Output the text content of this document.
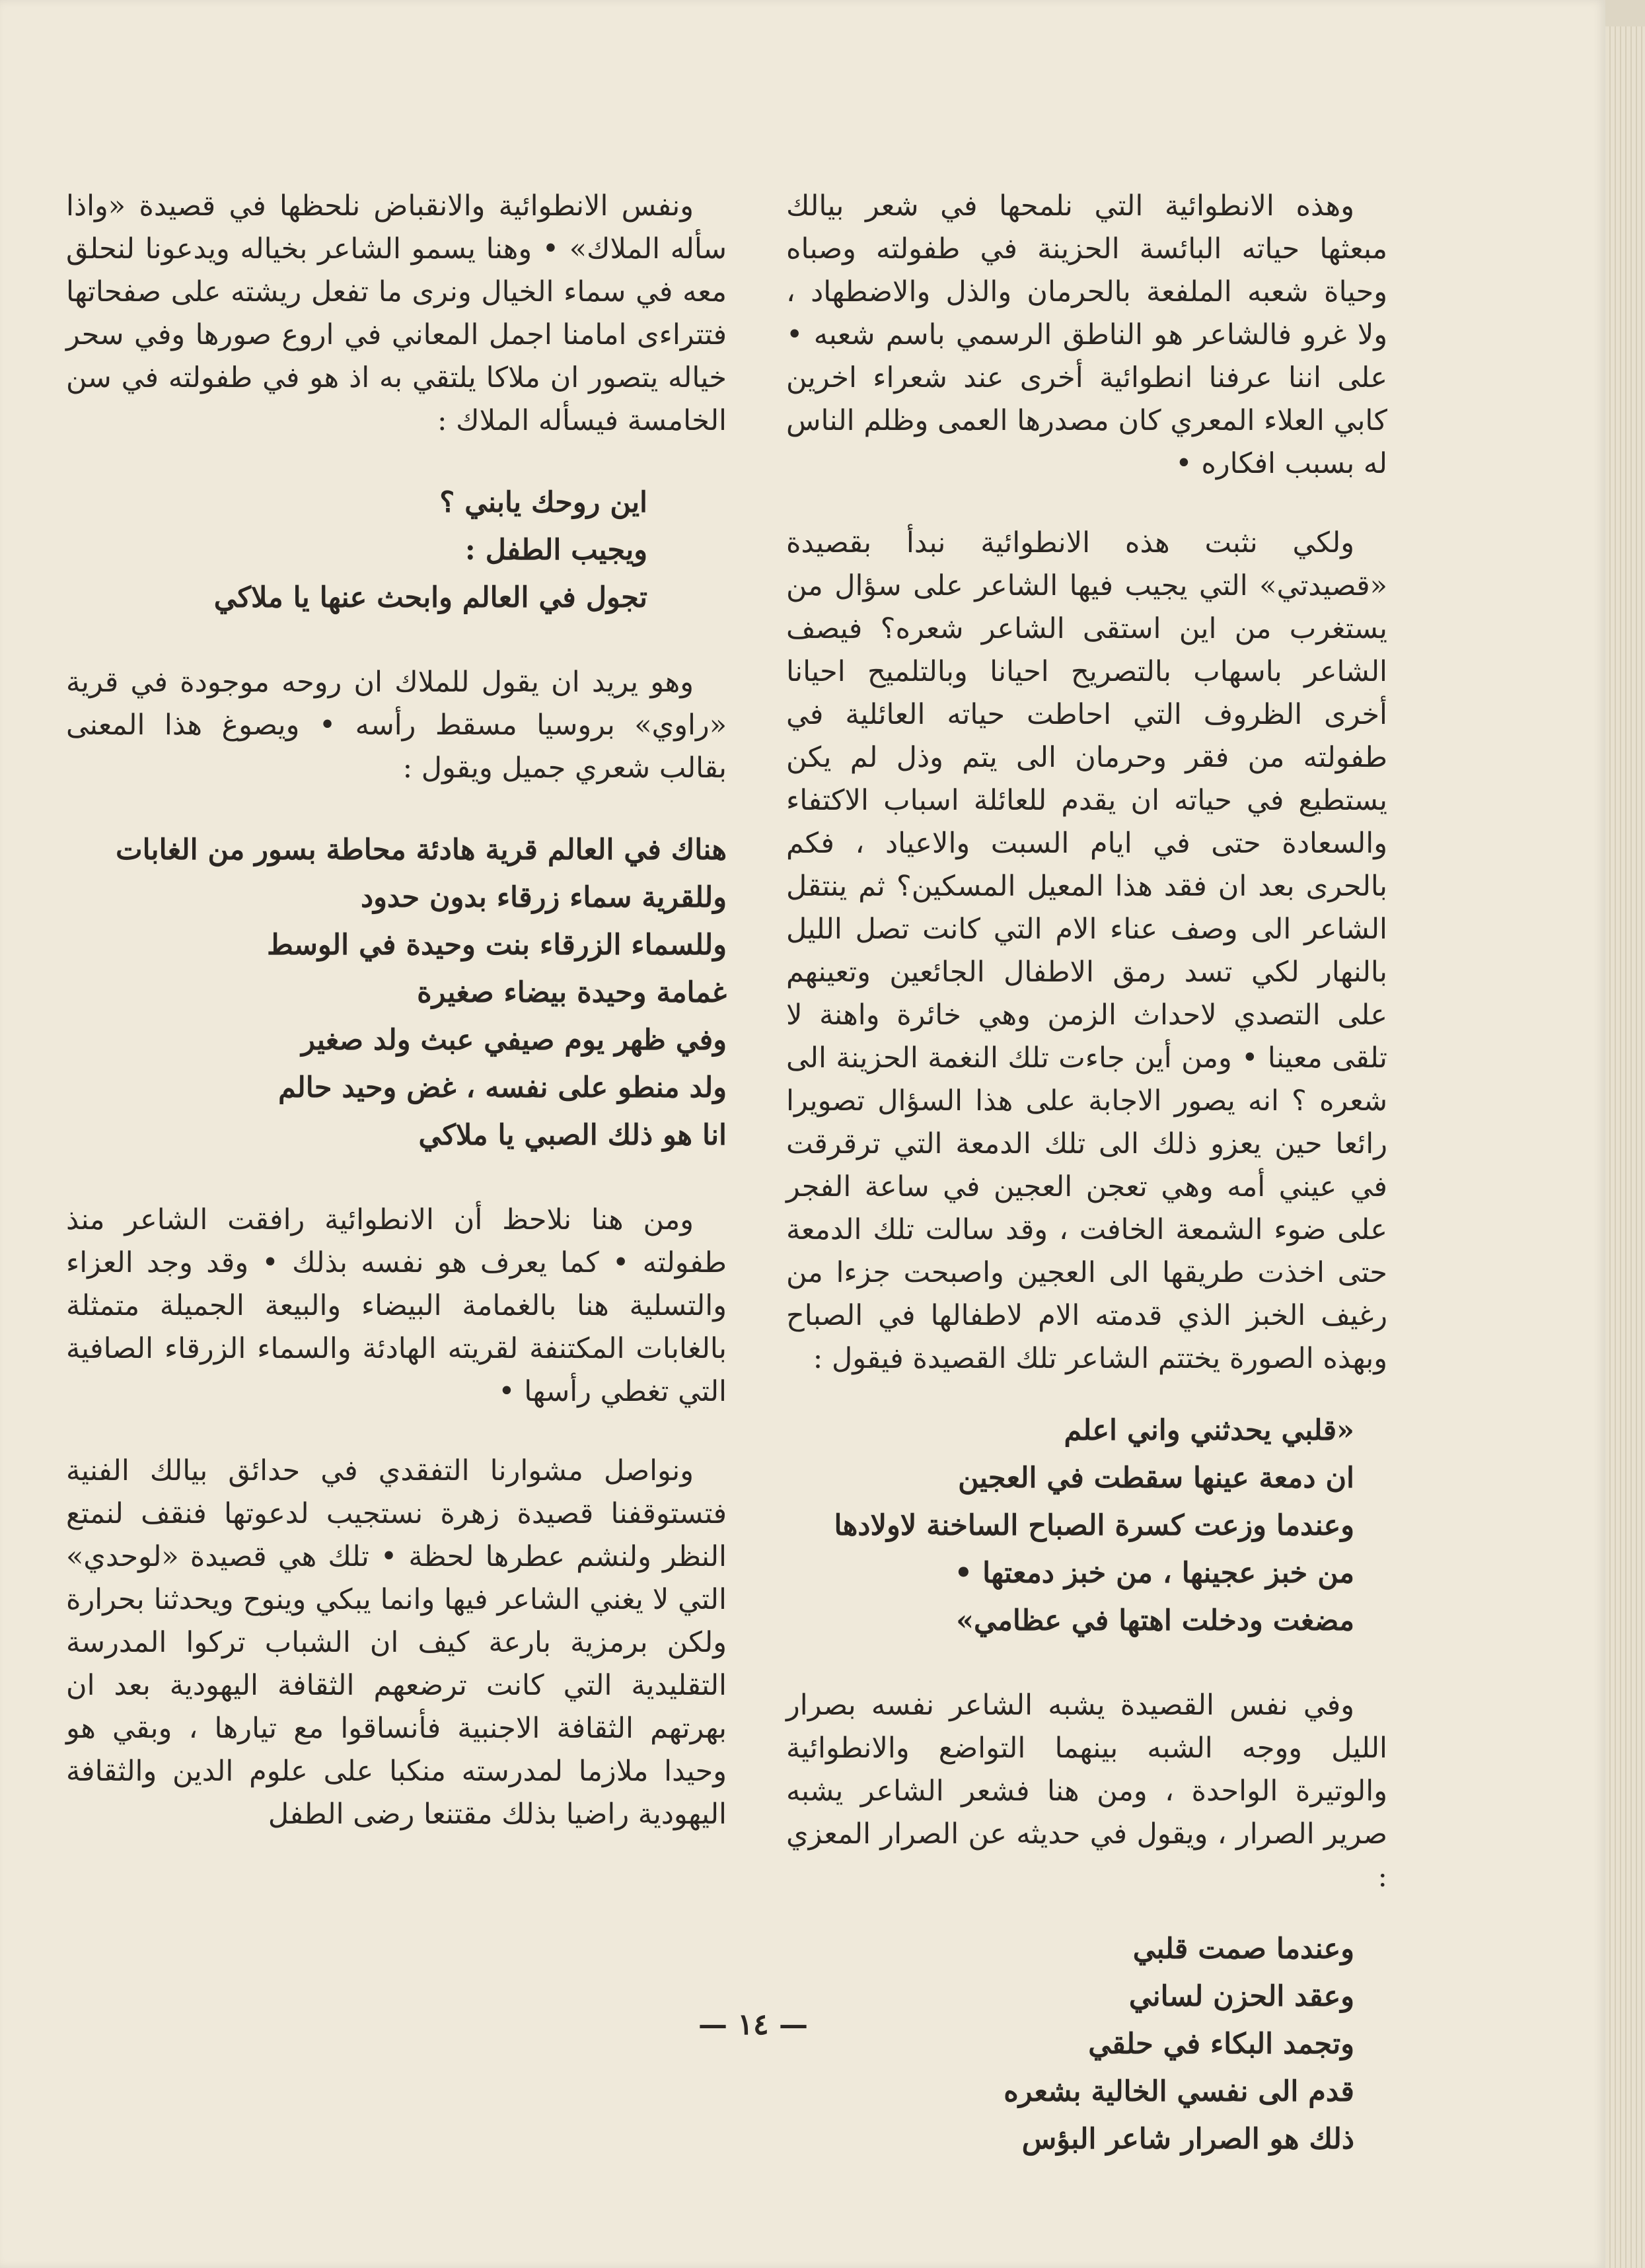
وهذه الانطوائية التي نلمحها في شعر بيالك مبعثها حياته البائسة الحزينة في طفولته وصباه وحياة شعبه الملفعة بالحرمان والذل والاضطهاد ، ولا غرو فالشاعر هو الناطق الرسمي باسم شعبه • على اننا عرفنا انطوائية أخرى عند شعراء اخرين كابي العلاء المعري كان مصدرها العمى وظلم الناس له بسبب افكاره •

ولكي نثبت هذه الانطوائية نبدأ بقصيدة «قصيدتي» التي يجيب فيها الشاعر على سؤال من يستغرب من اين استقى الشاعر شعره؟ فيصف الشاعر باسهاب بالتصريح احيانا وبالتلميح احيانا أخرى الظروف التي احاطت حياته العائلية في طفولته من فقر وحرمان الى يتم وذل لم يكن يستطيع في حياته ان يقدم للعائلة اسباب الاكتفاء والسعادة حتى في ايام السبت والاعياد ، فكم بالحرى بعد ان فقد هذا المعيل المسكين؟ ثم ينتقل الشاعر الى وصف عناء الام التي كانت تصل الليل بالنهار لكي تسد رمق الاطفال الجائعين وتعينهم على التصدي لاحداث الزمن وهي خائرة واهنة لا تلقى معينا • ومن أين جاءت تلك النغمة الحزينة الى شعره ؟ انه يصور الاجابة على هذا السؤال تصويرا رائعا حين يعزو ذلك الى تلك الدمعة التي ترقرقت في عيني أمه وهي تعجن العجين في ساعة الفجر على ضوء الشمعة الخافت ، وقد سالت تلك الدمعة حتى اخذت طريقها الى العجين واصبحت جزءا من رغيف الخبز الذي قدمته الام لاطفالها في الصباح وبهذه الصورة يختتم الشاعر تلك القصيدة فيقول :

«قلبي يحدثني واني اعلم
ان دمعة عينها سقطت في العجين
وعندما وزعت كسرة الصباح الساخنة لاولادها
من خبز عجينها ، من خبز دمعتها •
مضغت ودخلت اهتها في عظامي»

وفي نفس القصيدة يشبه الشاعر نفسه بصرار الليل ووجه الشبه بينهما التواضع والانطوائية والوتيرة الواحدة ، ومن هنا فشعر الشاعر يشبه صرير الصرار ، ويقول في حديثه عن الصرار المعزي :

وعندما صمت قلبي
وعقد الحزن لساني
وتجمد البكاء في حلقي
قدم الى نفسي الخالية بشعره
ذلك هو الصرار شاعر البؤس

ونفس الانطوائية والانقباض نلحظها في قصيدة «واذا سأله الملاك» • وهنا يسمو الشاعر بخياله ويدعونا لنحلق معه في سماء الخيال ونرى ما تفعل ريشته على صفحاتها فتتراءى امامنا اجمل المعاني في اروع صورها وفي سحر خياله يتصور ان ملاكا يلتقي به اذ هو في طفولته في سن الخامسة فيسأله الملاك :

اين روحك يابني ؟
ويجيب الطفل :
تجول في العالم وابحث عنها يا ملاكي

وهو يريد ان يقول للملاك ان روحه موجودة في قرية «راوي» بروسيا مسقط رأسه • ويصوغ هذا المعنى بقالب شعري جميل ويقول :

هناك في العالم قرية هادئة محاطة بسور من الغابات
وللقرية سماء زرقاء بدون حدود
وللسماء الزرقاء بنت وحيدة في الوسط
غمامة وحيدة بيضاء صغيرة
وفي ظهر يوم صيفي عبث ولد صغير
ولد منطو على نفسه ، غض وحيد حالم
انا هو ذلك الصبي يا ملاكي

ومن هنا نلاحظ أن الانطوائية رافقت الشاعر منذ طفولته • كما يعرف هو نفسه بذلك • وقد وجد العزاء والتسلية هنا بالغمامة البيضاء والبيعة الجميلة متمثلة بالغابات المكتنفة لقريته الهادئة والسماء الزرقاء الصافية التي تغطي رأسها •

ونواصل مشوارنا التفقدي في حدائق بيالك الفنية فتستوقفنا قصيدة زهرة نستجيب لدعوتها فنقف لنمتع النظر ولنشم عطرها لحظة • تلك هي قصيدة «لوحدي» التي لا يغني الشاعر فيها وانما يبكي وينوح ويحدثنا بحرارة ولكن برمزية بارعة كيف ان الشباب تركوا المدرسة التقليدية التي كانت ترضعهم الثقافة اليهودية بعد ان بهرتهم الثقافة الاجنبية فأنساقوا مع تيارها ، وبقي هو وحيدا ملازما لمدرسته منكبا على علوم الدين والثقافة اليهودية راضيا بذلك مقتنعا رضى الطفل

— ١٤ —
